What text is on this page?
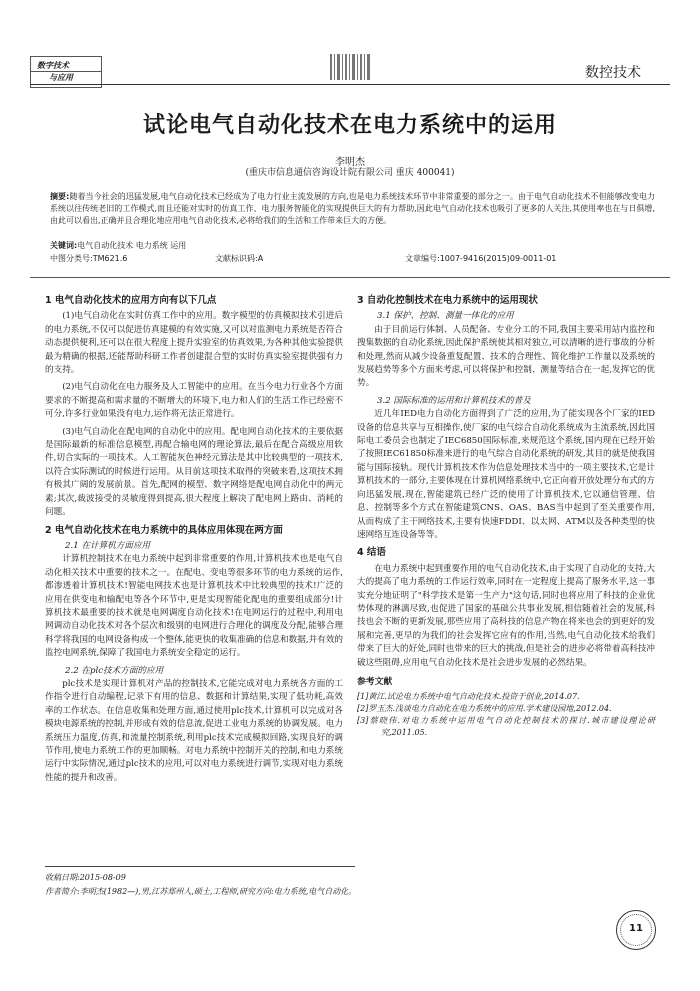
数字技术
与应用	数控技术
试论电气自动化技术在电力系统中的运用
李明杰
(重庆市信息通信咨询设计院有限公司 重庆 400041)
摘要:随着当今社会的迅猛发展,电气自动化技术已经成为了电力行业主流发展的方向,也是电力系统技术环节中非常重要的部分之一。由于电气自动化技术不但能够改变电力系统以往传统老旧的工作模式,而且还能对实时的仿真工作、电力服务智能化的实现提供巨大的有力帮助,因此电气自动化技术也吸引了更多的人关注,其使用率也在与日俱增,由此可以看出,正确并且合理化地应用电气自动化技术,必将给我们的生活和工作带来巨大的方便。
关键词:电气自动化技术 电力系统 运用
中图分类号:TM621.6	文献标识码:A	文章编号:1007-9416(2015)09-0011-01
1 电气自动化技术的应用方向有以下几点

(1)电气自动化在实时仿真工作中的应用。数字模型的仿真模拟技术引进后的电力系统,不仅可以促进仿真建模的有效实施,又可以对监测电力系统是否符合动态提供便利,还可以在很大程度上提升实验室的仿真效果,为各种其他实验提供最为精确的根据,还能帮助科研工作者创建混合型的实时仿真实验室提供强有力的支持。

(2)电气自动化在电力服务及人工智能中的应用。在当今电力行业各个方面要求的不断提高和需求量的不断增大的环境下,电力和人们的生活工作已经密不可分,许多行业如果没有电力,运作将无法正常进行。

(3)电气自动化在配电网的自动化中的应用。配电网自动化技术的主要依据是国际最新的标准信息模型,再配合输电网的理论算法,最后在配合高级应用软件,切合实际的一项技术。人工智能灰色神经元算法是其中比较典型的一项技术,以符合实际测试的时候进行运用。从目前这项技术取得的突破来看,这项技术拥有极其广阔的发展前景。首先,配网的模型、数字网络是配电网自动化中的两元素;其次,裁波接受的灵敏度得到提高,很大程度上解决了配电网上路由、消耗的问题。

2 电气自动化技术在电力系统中的具体应用体现在两方面
2.1 在计算机方面应用

计算机控制技术在电力系统中起到非常重要的作用,计算机技术也是电气自动化相关技术中重要的技术之一。在配电、变电等很多环节的电力系统的运作,都渗透着计算机技术!智能电网技术也是计算机技术中比较典型的技术!广泛的应用在供变电和输配电等各个环节中,更是实现智能化配电的重要组成部分!计算机技术最重要的技术就是电网调度自动化技术!在电网运行的过程中,利用电网调动自动化技术对各个层次和级别的电网进行合理化的调度及分配,能够合理科学将我国的电网设备构成一个整体,能更快的收集准确的信息和数据,并有效的监控电网系统,保障了我国电力系统安全稳定的运行。

2.2 在plc技术方面的应用

plc技术是实现计算机对产品的控制技术,它能完成对电力系统各方面的工作指令进行自动编程,记录下有用的信息、数据和计算结果,实现了低功耗,高效率的工作状态。在信息收集和处理方面,通过使用plc技术,计算机可以完成对各模块电源系统的控制,并形成有效的信息流,促进工业电力系统的协调发展。电力系统压力温度,仿真,和流量控制系统,利用plc技术完成模拟回路,实现良好的调节作用,使电力系统工作的更加顺畅。对电力系统中控制开关的控制,和电力系统运行中实际情况,通过plc技术的应用,可以对电力系统进行调节,实现对电力系统性能的提升和改善。

3 自动化控制技术在电力系统中的运用现状
3.1 保护、控制、测量一体化的应用

由于目前运行体制、人员配备、专业分工的不同,我国主要采用站内监控和搜集数据的自动化系统,因此保护系统使其相对独立,可以清晰的进行事故的分析和处理,然而从减少设备重复配置、技术的合理性、简化维护工作量以及系统的发展趋势等多个方面来考虑,可以将保护和控制、测量等结合在一起,发挥它的优势。

3.2 国际标准的运用和计算机技术的普及

近几年IED电力自动化方面得到了广泛的应用,为了能实现各个厂家的IED设备的信息共享与互相操作,使厂家的电气综合自动化系统成为主流系统,因此国际电工委员会也制定了IEC6850国际标准,来规范这个系统,国内现在已经开始了按照IEC61850标准来进行的电气综合自动化系统的研发,其目的就是使我国能与国际接轨。现代计算机技术作为信息处理技术当中的一项主要技术,它是计算机技术的一部分,主要体现在计算机网络系统中,它正向着开放处理分布式的方向迅猛发展,现在,智能建筑已经广泛的使用了计算机技术,它以通信管理、信息、控制等多个方式在智能建筑CNS、OAS、BAS当中起到了至关重要作用,从而构成了主干网络技术,主要有快速FDDI、以太网、ATM以及各种类型的快速网络互连设备等等。

4 结语

在电力系统中起到重要作用的电气自动化技术,由于实现了自动化的支持,大大的提高了电力系统的工作运行效率,同时在一定程度上提高了服务水平,这一事实充分地证明了"科学技术是第一生产力"这句话,同时也将应用了科技的企业优势体现的淋漓尽致,也促进了国家的基础公共事业发展,相信随着社会的发展,科技也会不断的更新发展,那些应用了高科技的信息产物在将来也会的到更好的发展和完善,更早的为我们的社会发挥它应有的作用,当然,电气自动化技术给我们带来了巨大的好处,同时也带来的巨大的挑战,但是社会的进步必将带着高科技冲破这些阻碍,应用电气自动化技术是社会进步发展的必然结果。

参考文献

[1]黄江.试论电力系统中电气自动化技术.投资于创业,2014.07.

[2]罗玉杰.浅谈电力自动化在电力系统中的应用.学术建设园地,2012.04.

[3]蔡晓伟.对电力系统中运用电气自动化控制技术的探讨.城市建设理论研究,2011.05.

收稿日期:2015-08-09
作者简介:李明杰(1982—),男,江苏郑州人,硕士,工程师,研究方向:电力系统,电气自动化。
11
